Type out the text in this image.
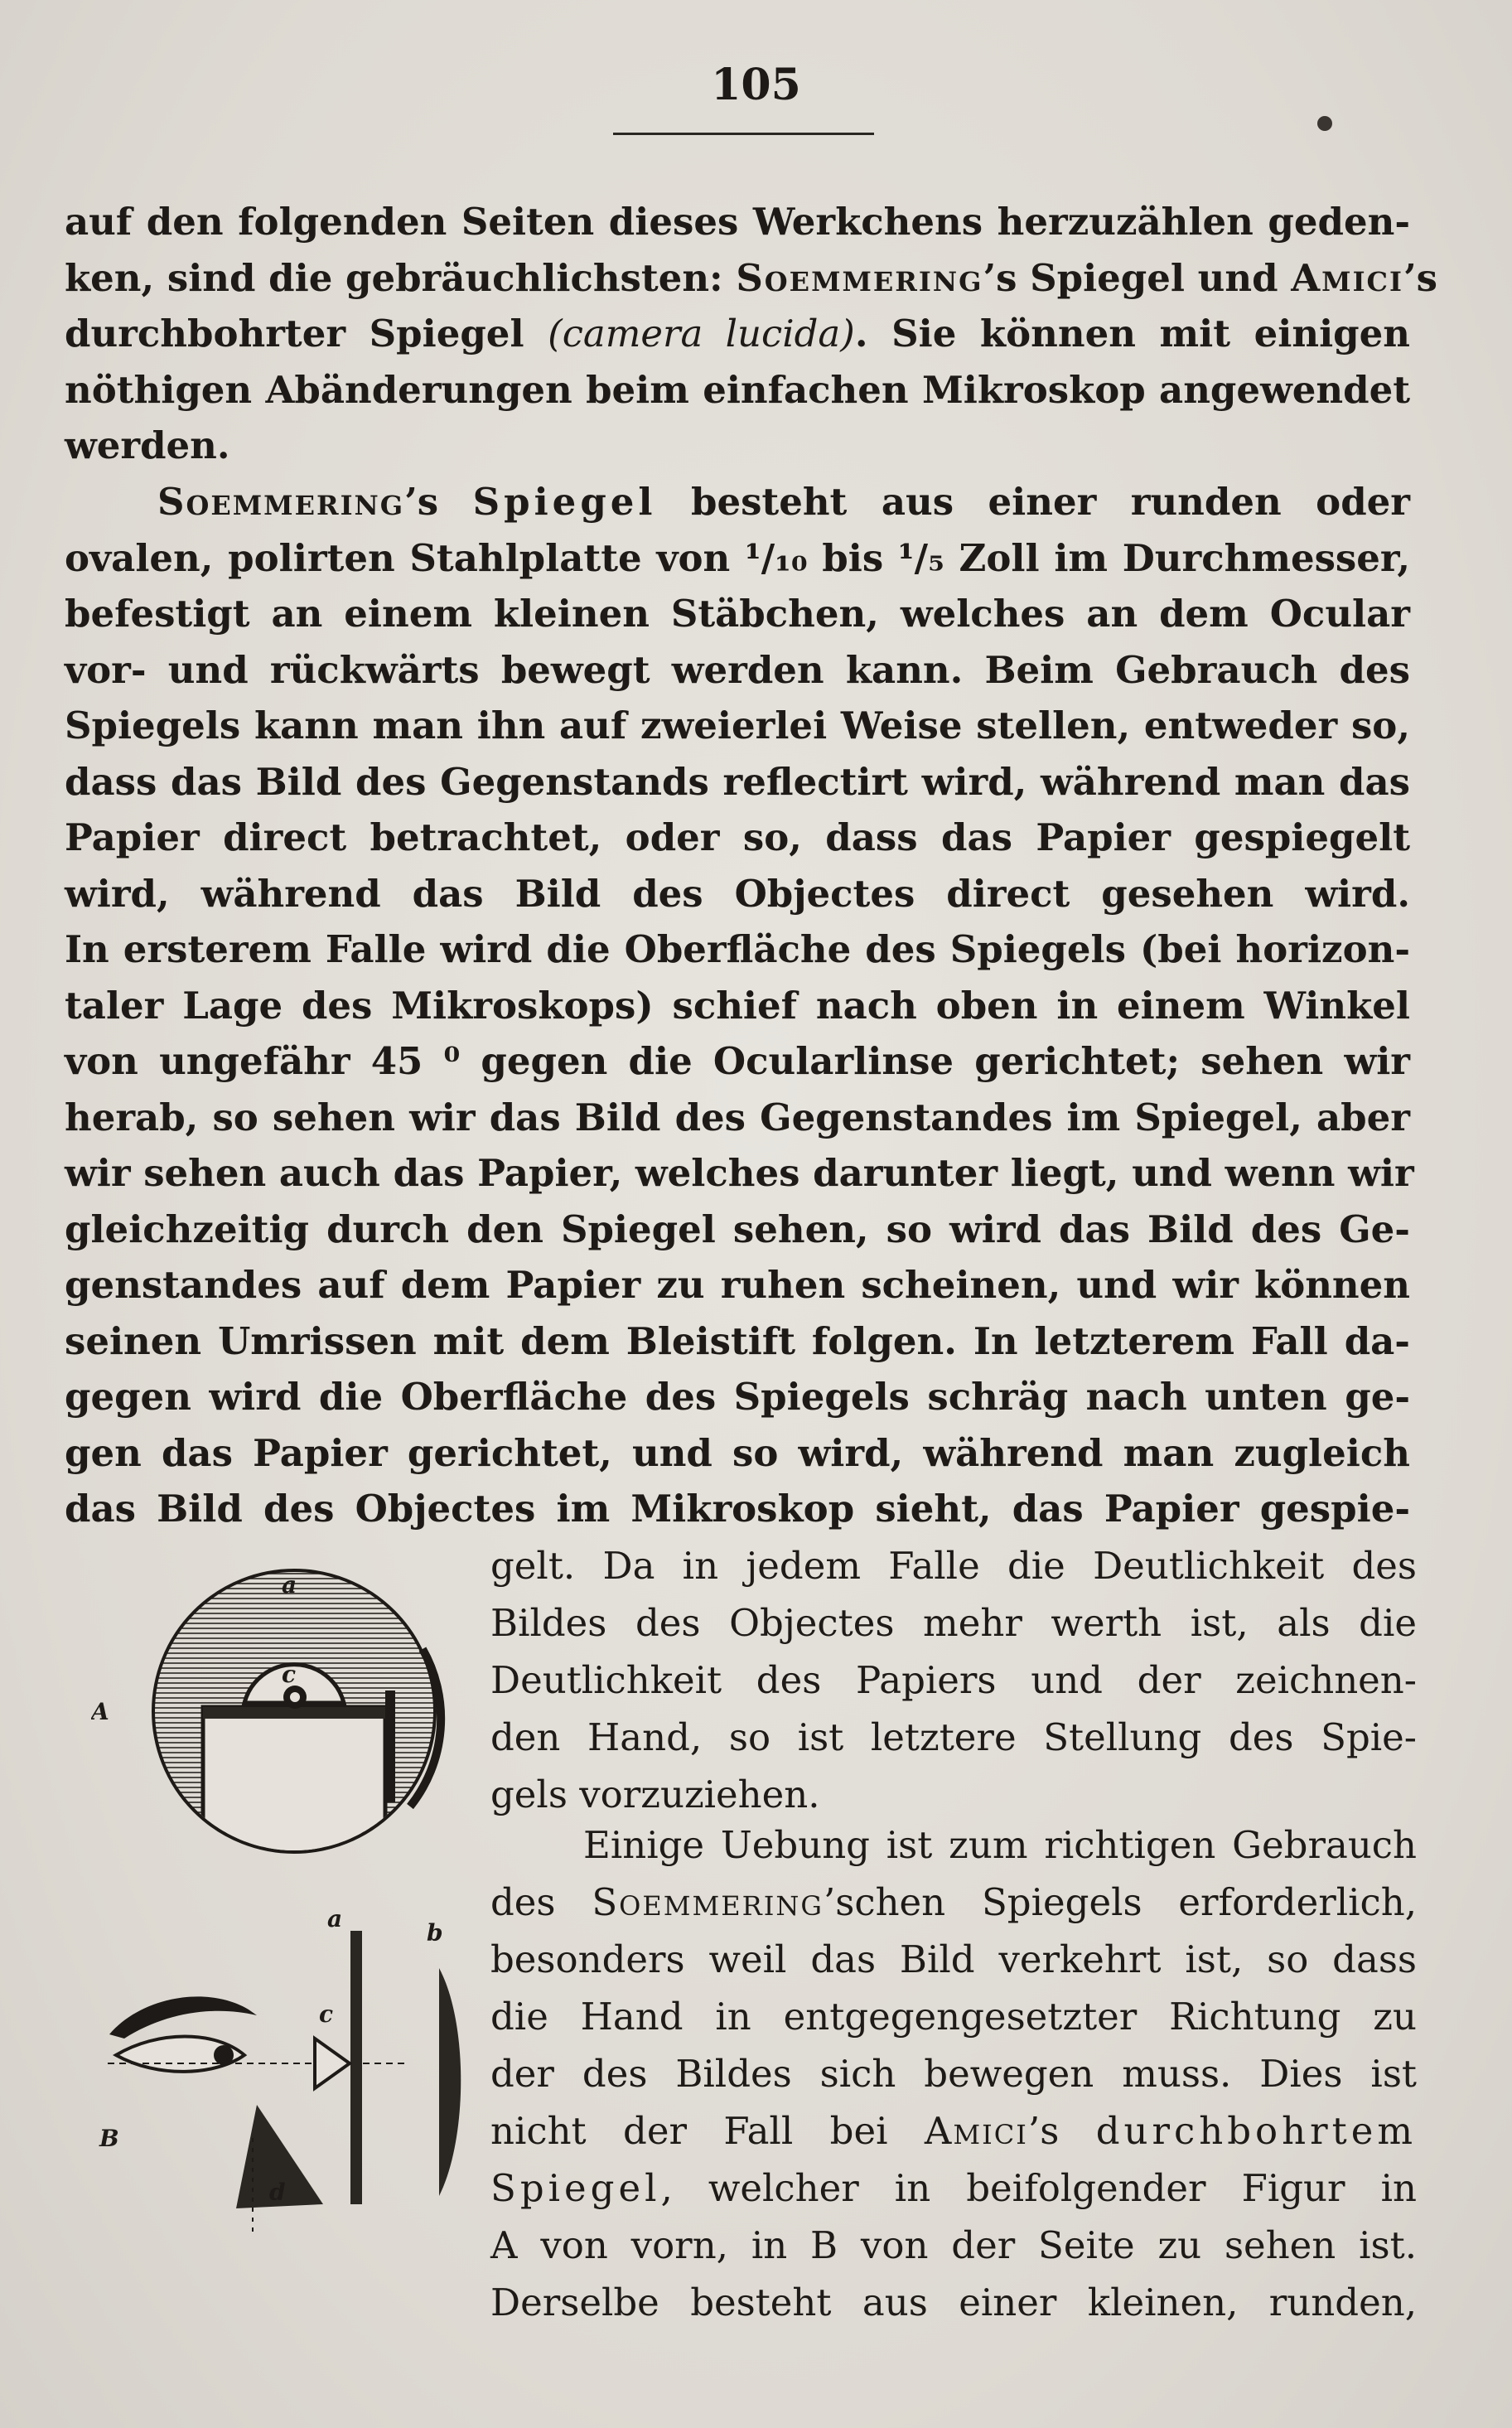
105
auf den folgenden Seiten dieses Werkchens herzuzählen geden-
ken, sind die gebräuchlichsten: Soemmering’s Spiegel und Amici’s
durchbohrter Spiegel (camera lucida). Sie können mit einigen
nöthigen Abänderungen beim einfachen Mikroskop angewendet
werden.
Soemmering’s Spiegel besteht aus einer runden oder
ovalen, polirten Stahlplatte von ¹/₁₀ bis ¹/₅ Zoll im Durchmesser,
befestigt an einem kleinen Stäbchen, welches an dem Ocular
vor- und rückwärts bewegt werden kann. Beim Gebrauch des
Spiegels kann man ihn auf zweierlei Weise stellen, entweder so,
dass das Bild des Gegenstands reflectirt wird, während man das
Papier direct betrachtet, oder so, dass das Papier gespiegelt
wird, während das Bild des Objectes direct gesehen wird.
In ersterem Falle wird die Oberfläche des Spiegels (bei horizon-
taler Lage des Mikroskops) schief nach oben in einem Winkel
von ungefähr 45 ⁰ gegen die Ocularlinse gerichtet; sehen wir
herab, so sehen wir das Bild des Gegenstandes im Spiegel, aber
wir sehen auch das Papier, welches darunter liegt, und wenn wir
gleichzeitig durch den Spiegel sehen, so wird das Bild des Ge-
genstandes auf dem Papier zu ruhen scheinen, und wir können
seinen Umrissen mit dem Bleistift folgen. In letzterem Fall da-
gegen wird die Oberfläche des Spiegels schräg nach unten ge-
gen das Papier gerichtet, und so wird, während man zugleich
das Bild des Objectes im Mikroskop sieht, das Papier gespie-
gelt. Da in jedem Falle die Deutlichkeit des
Bildes des Objectes mehr werth ist, als die
Deutlichkeit des Papiers und der zeichnen-
den Hand, so ist letztere Stellung des Spie-
gels vorzuziehen.
Einige Uebung ist zum richtigen Gebrauch
des Soemmering’schen Spiegels erforderlich,
besonders weil das Bild verkehrt ist, so dass
die Hand in entgegengesetzter Richtung zu
der des Bildes sich bewegen muss. Dies ist
nicht der Fall bei Amici’s durchbohrtem
Spiegel, welcher in beifolgender Figur in
A von vorn, in B von der Seite zu sehen ist.
Derselbe besteht aus einer kleinen, runden,
A
a
c
B
a
b
c
d
